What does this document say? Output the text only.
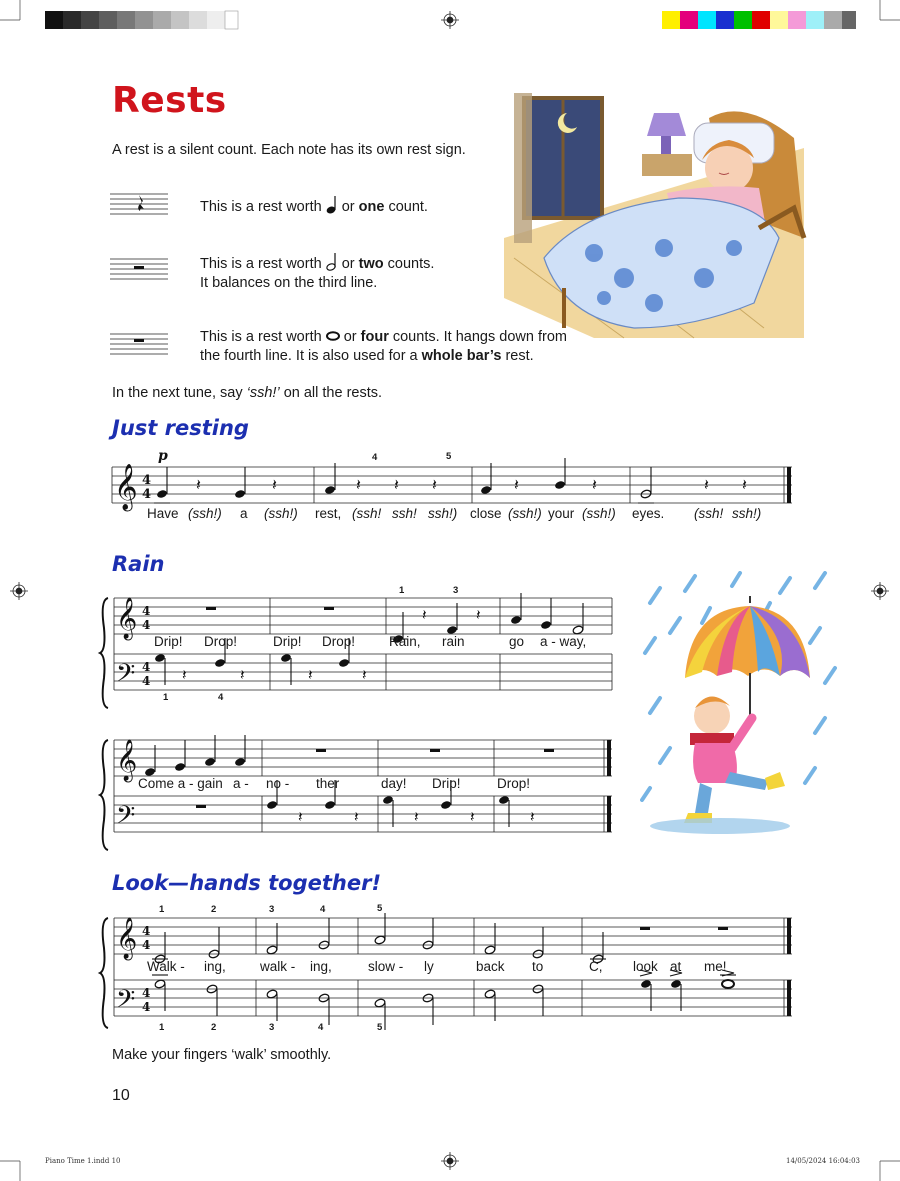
Rests
A rest is a silent count. Each note has its own rest sign.
This is a rest worth  or one count.
This is a rest worth  or two counts.
It balances on the third line.
This is a rest worth  or four counts. It hangs down from
the fourth line. It is also used for a whole bar’s rest.
In the next tune, say ‘ssh!’ on all the rests.
Just resting
𝄞 4
4
p
𝄽	𝄽	𝄽 𝄽 𝄽	𝄽	𝄽	𝄽 𝄽
4	5
Have (ssh!) a (ssh!) rest, (ssh! ssh! ssh!) close (ssh!) your (ssh!) eyes. (ssh! ssh!)
Rain
𝄞
𝄢
4
4
4
4 𝄽	𝄽	𝄽	𝄽
𝄽	𝄽
1	3
1	4
Drip! Drop!	Drip! Drop!	Rain, rain	go a - way,
𝄞
𝄢	𝄽	𝄽	𝄽	𝄽	𝄽
Come a - gain a - no - ther	day! Drip!	Drop!
Look—hands together!
𝄞
𝄢
4
4
4
4
1	2	3	4	5
1	2	3	4	5
Walk - ing,	walk - ing,	slow - ly	back to	C, look at me!
Make your fingers ‘walk’ smoothly.
10
Piano Time 1.indd 10	14/05/2024 16:04:03
